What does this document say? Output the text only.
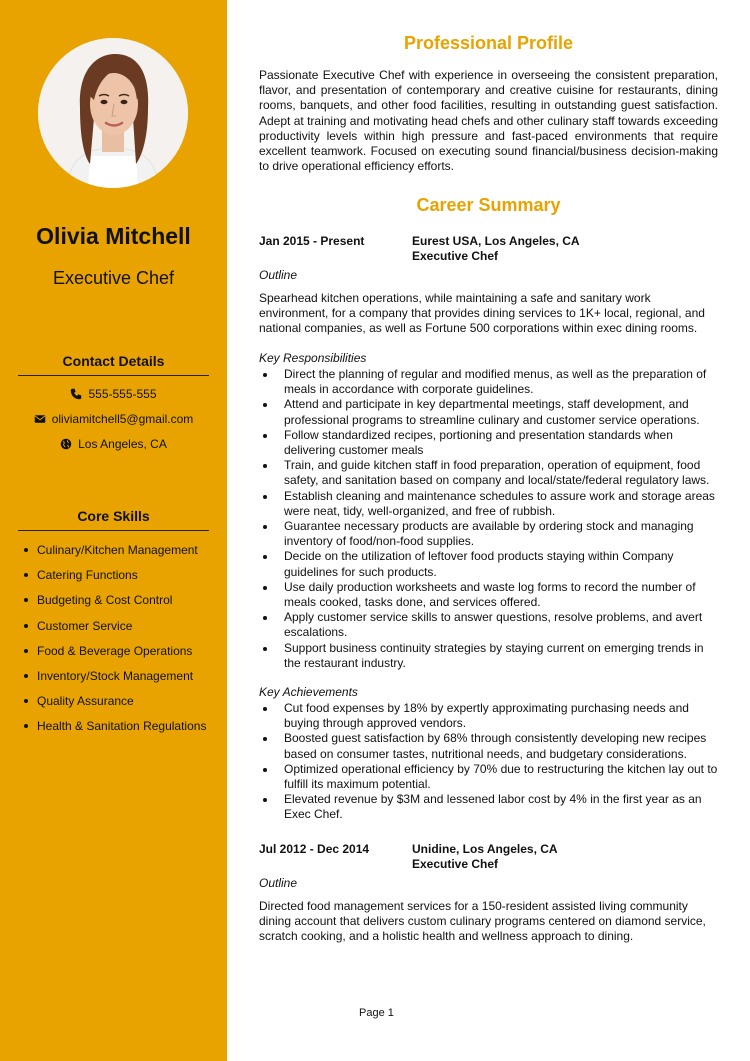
Olivia Mitchell
Executive Chef
Contact Details
555-555-555
oliviamitchell5@gmail.com
Los Angeles, CA
Core Skills
Culinary/Kitchen Management
Catering Functions
Budgeting & Cost Control
Customer Service
Food & Beverage Operations
Inventory/Stock Management
Quality Assurance
Health & Sanitation Regulations
Professional Profile

Passionate Executive Chef with experience in overseeing the consistent preparation, flavor, and presentation of contemporary and creative cuisine for restaurants, dining rooms, banquets, and other food facilities, resulting in outstanding guest satisfaction. Adept at training and motivating head chefs and other culinary staff towards exceeding productivity levels within high pressure and fast-paced environments that require excellent teamwork. Focused on executing sound financial/business decision-making to drive operational efficiency efforts.

Career Summary
Jan 2015 - Present	Eurest USA, Los Angeles, CA
Executive Chef
Outline

Spearhead kitchen operations, while maintaining a safe and sanitary work environment, for a company that provides dining services to 1K+ local, regional, and national companies, as well as Fortune 500 corporations within exec dining rooms.

Key Responsibilities
Direct the planning of regular and modified menus, as well as the preparation of meals in accordance with corporate guidelines.
Attend and participate in key departmental meetings, staff development, and professional programs to streamline culinary and customer service operations.
Follow standardized recipes, portioning and presentation standards when delivering customer meals
Train, and guide kitchen staff in food preparation, operation of equipment, food safety, and sanitation based on company and local/state/federal regulatory laws.
Establish cleaning and maintenance schedules to assure work and storage areas were neat, tidy, well-organized, and free of rubbish.
Guarantee necessary products are available by ordering stock and managing inventory of food/non-food supplies.
Decide on the utilization of leftover food products staying within Company guidelines for such products.
Use daily production worksheets and waste log forms to record the number of meals cooked, tasks done, and services offered.
Apply customer service skills to answer questions, resolve problems, and avert escalations.
Support business continuity strategies by staying current on emerging trends in the restaurant industry.
Key Achievements
Cut food expenses by 18% by expertly approximating purchasing needs and buying through approved vendors.
Boosted guest satisfaction by 68% through consistently developing new recipes based on consumer tastes, nutritional needs, and budgetary considerations.
Optimized operational efficiency by 70% due to restructuring the kitchen lay out to fulfill its maximum potential.
Elevated revenue by $3M and lessened labor cost by 4% in the first year as an Exec Chef.
Jul 2012 - Dec 2014	Unidine, Los Angeles, CA
Executive Chef
Outline

Directed food management services for a 150-resident assisted living community dining account that delivers custom culinary programs centered on diamond service, scratch cooking, and a holistic health and wellness approach to dining.

Page 1
